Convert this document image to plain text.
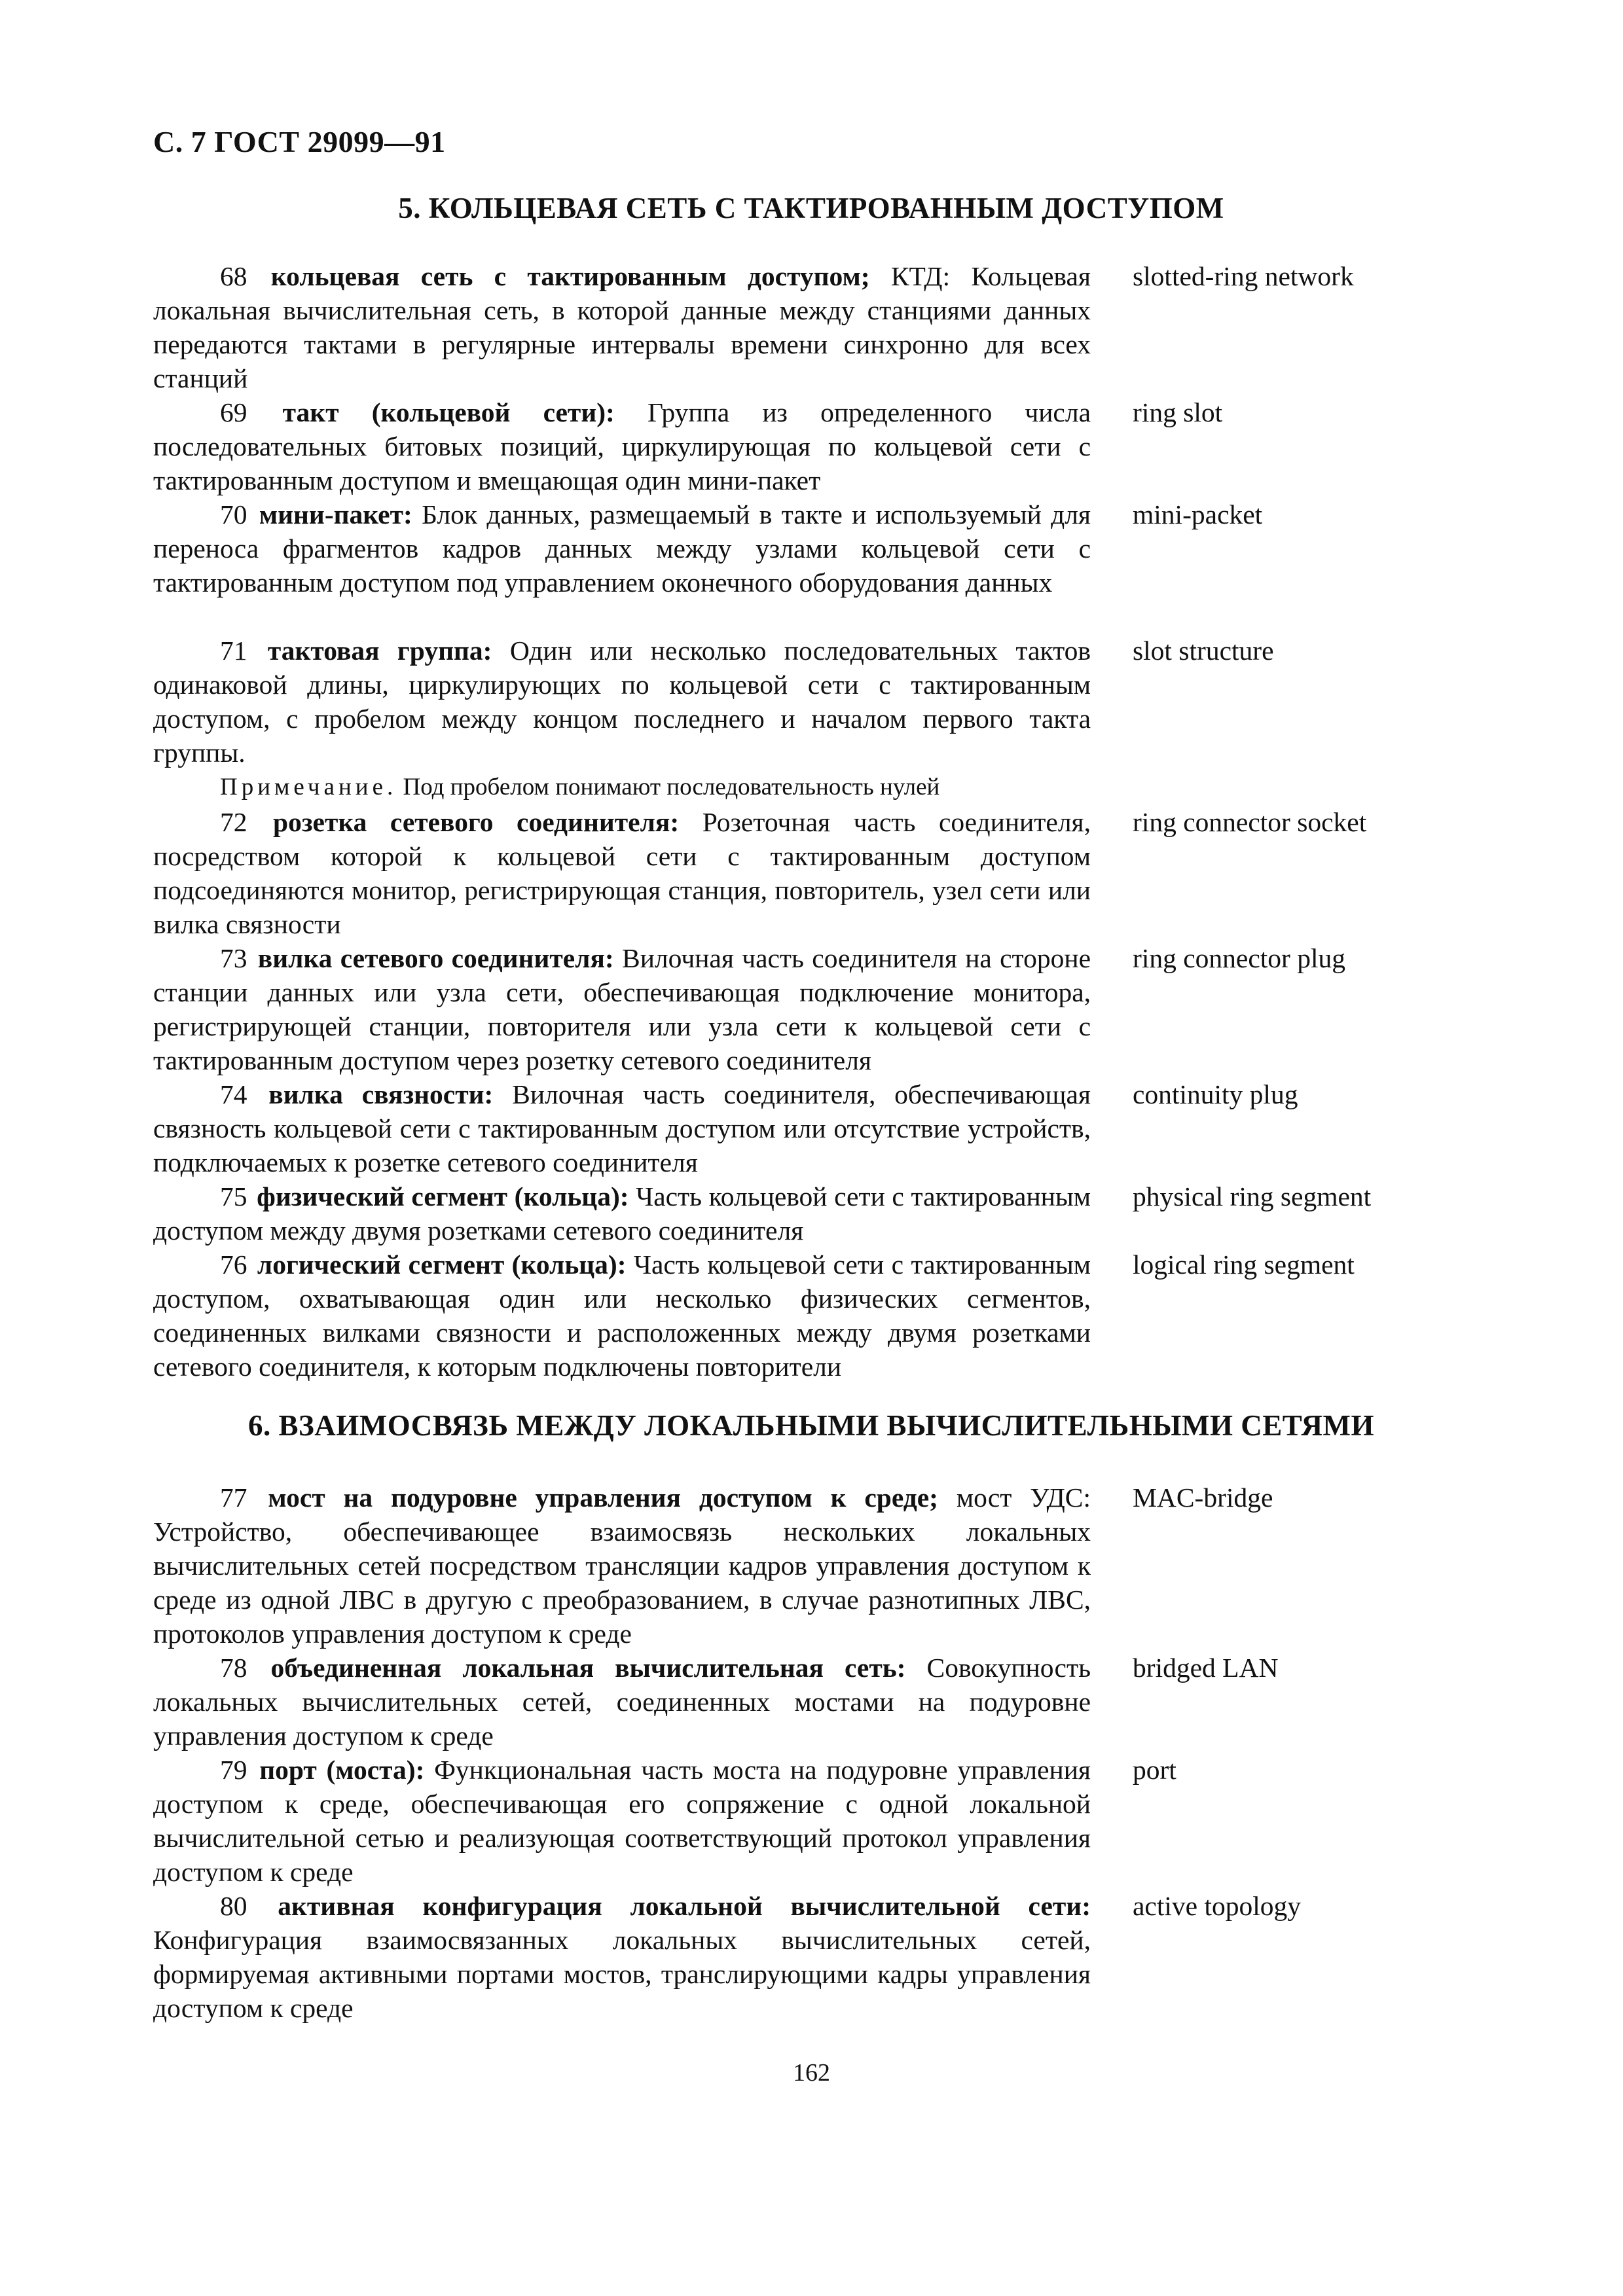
С. 7 ГОСТ 29099—91
5. КОЛЬЦЕВАЯ СЕТЬ С ТАКТИРОВАННЫМ ДОСТУПОМ
68 кольцевая сеть с тактированным доступом; КТД: Кольцевая локальная вычислительная сеть, в которой данные между станциями данных передаются тактами в регулярные интервалы времени синхронно для всех станций
slotted-ring network
69 такт (кольцевой сети): Группа из определенного числа последовательных битовых позиций, циркулирующая по кольцевой сети с тактированным доступом и вмещающая один мини-пакет
ring slot
70 мини-пакет: Блок данных, размещаемый в такте и используемый для переноса фрагментов кадров данных между узлами кольцевой сети с тактированным доступом под управлением оконечного оборудования данных
mini-packet
71 тактовая группа: Один или несколько последовательных тактов одинаковой длины, циркулирующих по кольцевой сети с тактированным доступом, с пробелом между концом последнего и началом первого такта группы.
slot structure
Примечание. Под пробелом понимают последовательность нулей
72 розетка сетевого соединителя: Розеточная часть соединителя, посредством которой к кольцевой сети с тактированным доступом подсоединяются монитор, регистрирующая станция, повторитель, узел сети или вилка связности
ring connector socket
73 вилка сетевого соединителя: Вилочная часть соединителя на стороне станции данных или узла сети, обеспечивающая подключение монитора, регистрирующей станции, повторителя или узла сети к кольцевой сети с тактированным доступом через розетку сетевого соединителя
ring connector plug
74 вилка связности: Вилочная часть соединителя, обеспечивающая связность кольцевой сети с тактированным доступом или отсутствие устройств, подключаемых к розетке сетевого соединителя
continuity plug
75 физический сегмент (кольца): Часть кольцевой сети с тактированным доступом между двумя розетками сетевого соединителя
physical ring segment
76 логический сегмент (кольца): Часть кольцевой сети с тактированным доступом, охватывающая один или несколько физических сегментов, соединенных вилками связности и расположенных между двумя розетками сетевого соединителя, к которым подключены повторители
logical ring segment
6. ВЗАИМОСВЯЗЬ МЕЖДУ ЛОКАЛЬНЫМИ ВЫЧИСЛИТЕЛЬНЫМИ СЕТЯМИ
77 мост на подуровне управления доступом к среде; мост УДС: Устройство, обеспечивающее взаимосвязь нескольких локальных вычислительных сетей посредством трансляции кадров управления доступом к среде из одной ЛВС в другую с преобразованием, в случае разнотипных ЛВС, протоколов управления доступом к среде
MAC-bridge
78 объединенная локальная вычислительная сеть: Совокупность локальных вычислительных сетей, соединенных мостами на подуровне управления доступом к среде
bridged LAN
79 порт (моста): Функциональная часть моста на подуровне управления доступом к среде, обеспечивающая его сопряжение с одной локальной вычислительной сетью и реализующая соответствующий протокол управления доступом к среде
port
80 активная конфигурация локальной вычислительной сети: Конфигурация взаимосвязанных локальных вычислительных сетей, формируемая активными портами мостов, транслирующими кадры управления доступом к среде
active topology
162
